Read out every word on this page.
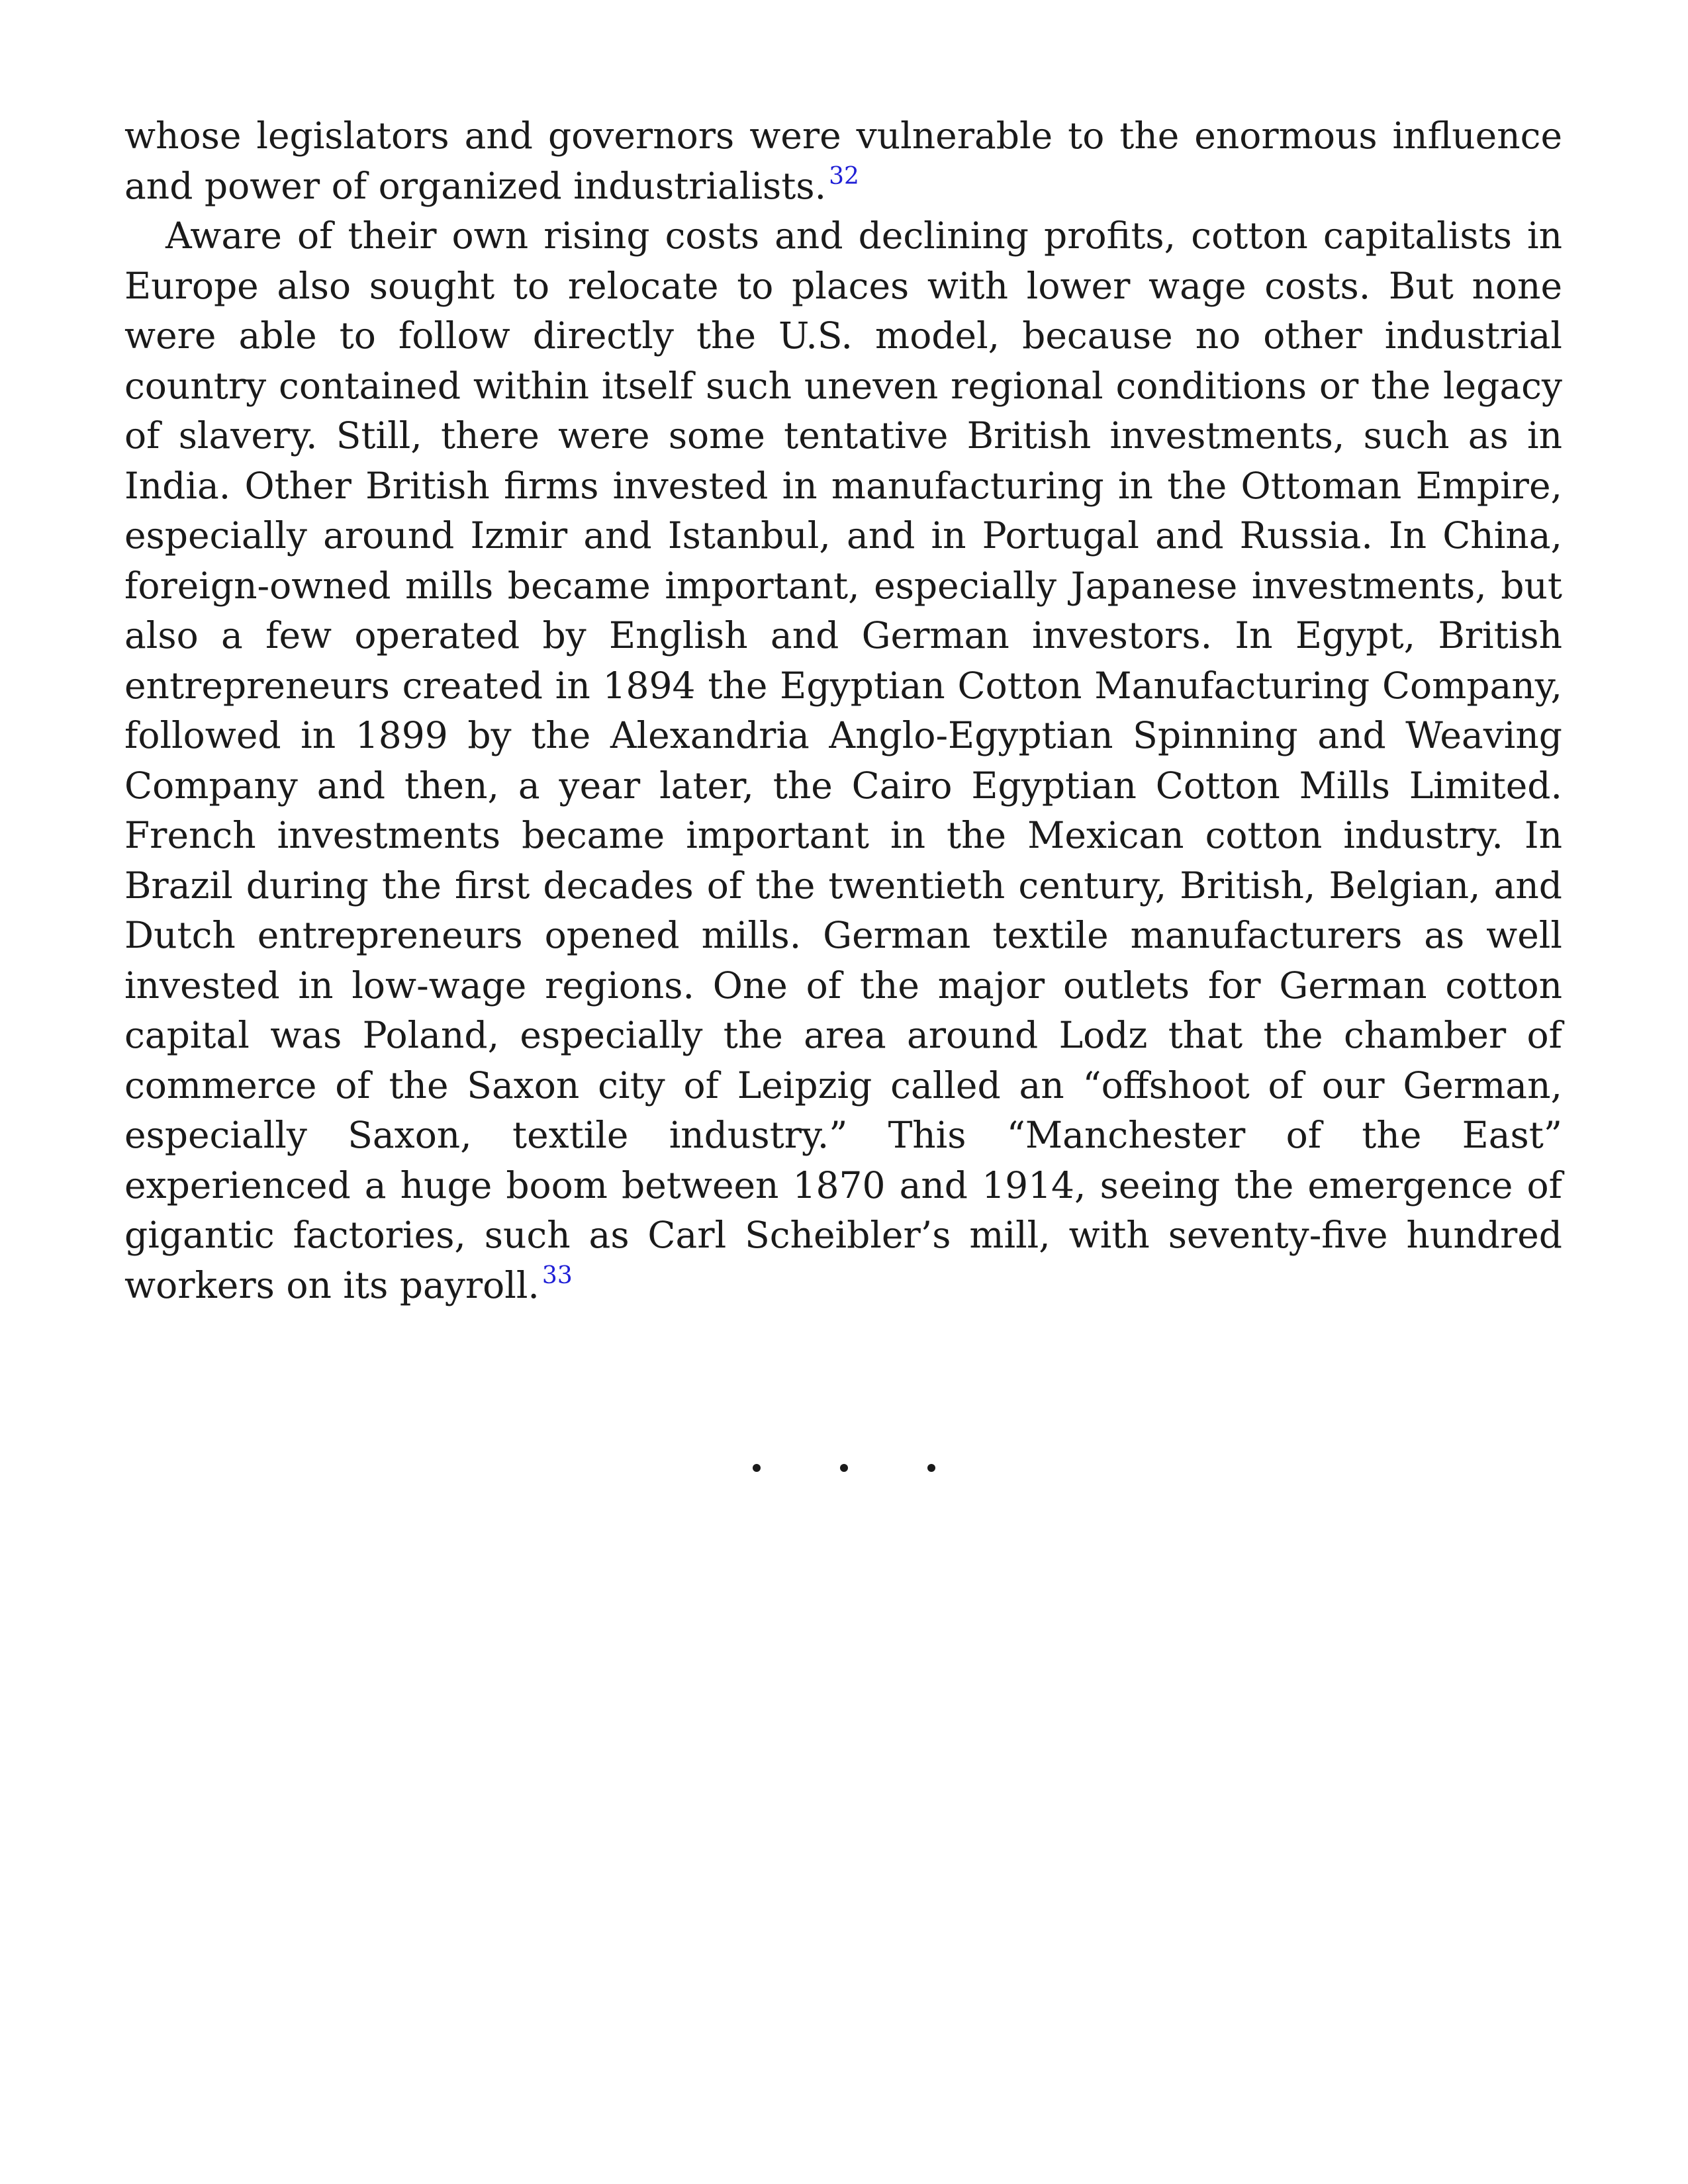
whose legislators and governors were vulnerable to the enormous influence and power of organized industrialists. $^{32}$

Aware of their own rising costs and declining profits, cotton capitalists in Europe also sought to relocate to places with lower wage costs. But none were able to follow directly the U.S. model, because no other industrial country contained within itself such uneven regional conditions or the legacy of slavery. Still, there were some tentative British investments, such as in India. Other British firms invested in manufacturing in the Ottoman Empire, especially around Izmir and Istanbul, and in Portugal and Russia. In China, foreign-owned mills became important, especially Japanese investments, but also a few operated by English and German investors. In Egypt, British entrepreneurs created in 1894 the Egyptian Cotton Manufacturing Company, followed in 1899 by the Alexandria Anglo-Egyptian Spinning and Weaving Company and then, a year later, the Cairo Egyptian Cotton Mills Limited. French investments became important in the Mexican cotton industry. In Brazil during the first decades of the twentieth century, British, Belgian, and Dutch entrepreneurs opened mills. German textile manufacturers as well invested in low-wage regions. One of the major outlets for German cotton capital was Poland, especially the area around Lodz that the chamber of commerce of the Saxon city of Leipzig called an “offshoot of our German, especially Saxon, textile industry.” This “Manchester of the East” experienced a huge boom between 1870 and 1914, seeing the emergence of gigantic factories, such as Carl Scheibler’s mill, with seventy-five hundred workers on its payroll. $^{33}$
